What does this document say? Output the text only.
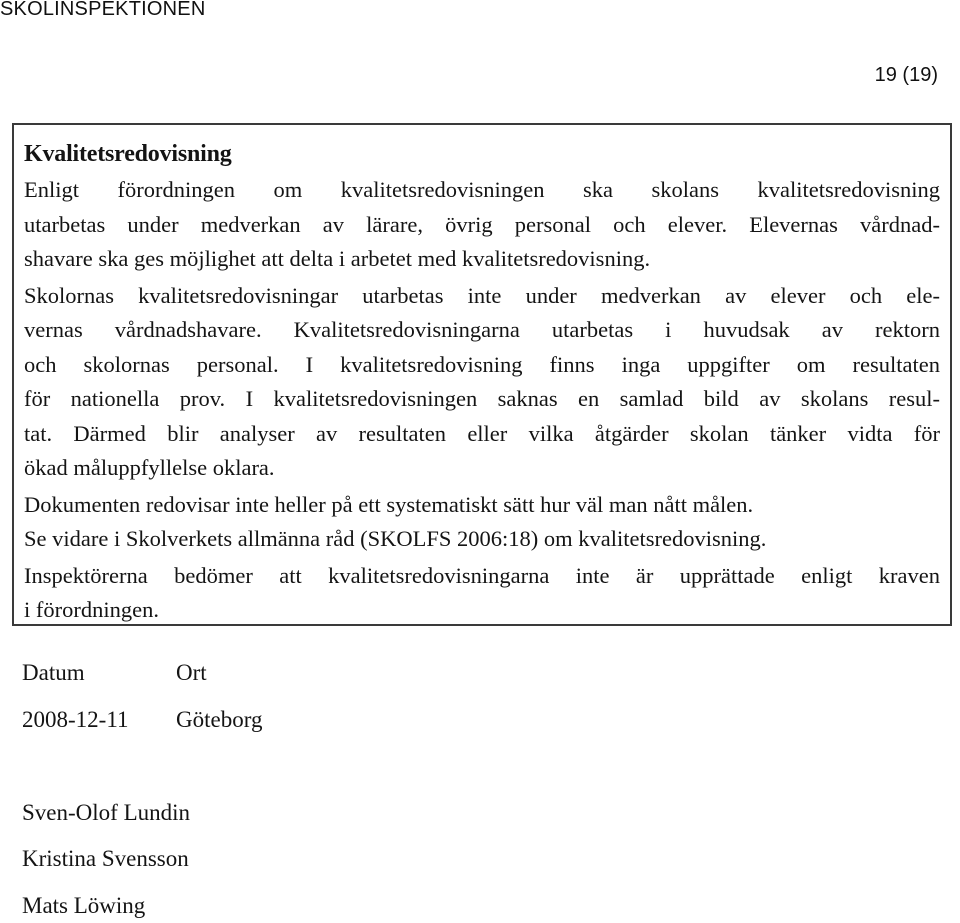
SKOLINSPEKTIONEN
19 (19)
Kvalitetsredovisning

Enligt förordningen om kvalitetsredovisningen ska skolans kvalitetsredovisning
utarbetas under medverkan av lärare, övrig personal och elever. Elevernas vårdnad-
shavare ska ges möjlighet att delta i arbetet med kvalitetsredovisning.

Skolornas kvalitetsredovisningar utarbetas inte under medverkan av elever och ele-
vernas vårdnadshavare. Kvalitetsredovisningarna utarbetas i huvudsak av rektorn
och skolornas personal. I kvalitetsredovisning finns inga uppgifter om resultaten
för nationella prov. I kvalitetsredovisningen saknas en samlad bild av skolans resul-
tat. Därmed blir analyser av resultaten eller vilka åtgärder skolan tänker vidta för
ökad måluppfyllelse oklara.

Dokumenten redovisar inte heller på ett systematiskt sätt hur väl man nått målen.
Se vidare i Skolverkets allmänna råd (SKOLFS 2006:18) om kvalitetsredovisning.

Inspektörerna bedömer att kvalitetsredovisningarna inte är upprättade enligt kraven
i förordningen.

Datum	Ort
2008-12-11 Göteborg
Sven-Olof Lundin
Kristina Svensson
Mats Löwing
